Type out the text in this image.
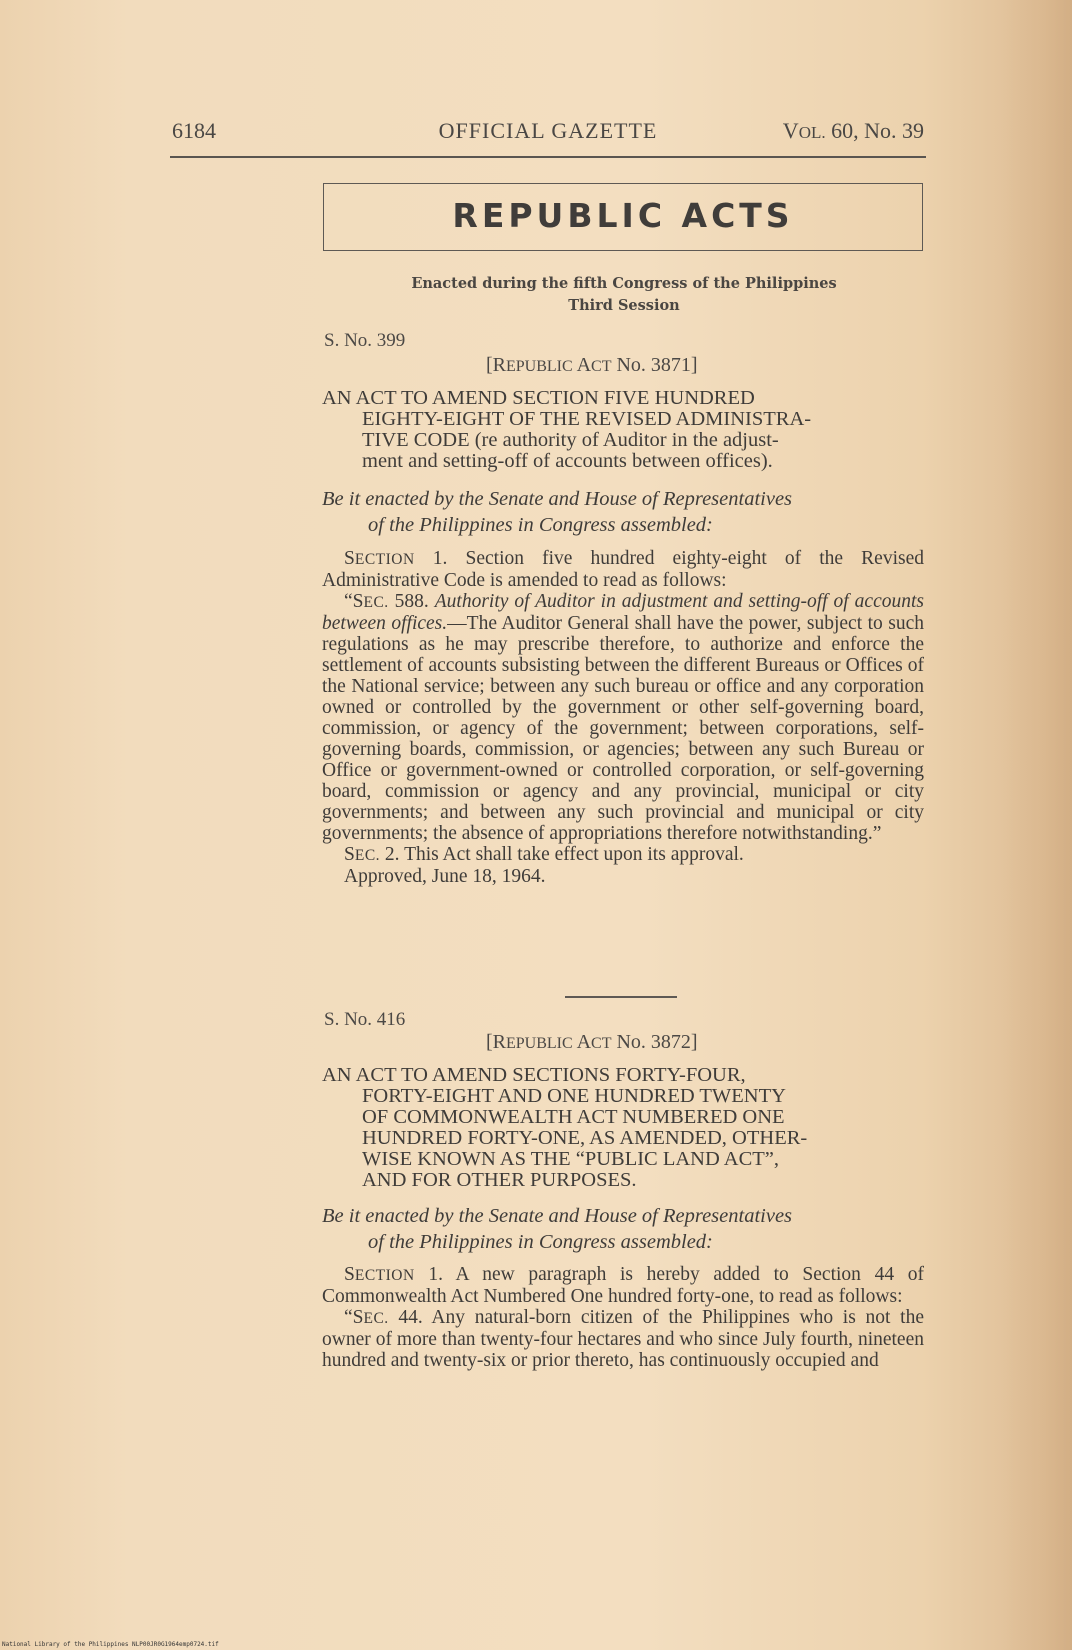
6184	OFFICIAL GAZETTE	VOL. 60, No. 39
REPUBLIC ACTS
Enacted during the fifth Congress of the Philippines
Third Session
S. No. 399
[REPUBLIC ACT No. 3871]
AN ACT TO AMEND SECTION FIVE HUNDRED
EIGHTY-EIGHT OF THE REVISED ADMINISTRA-
TIVE CODE (re authority of Auditor in the adjust-
ment and setting-off of accounts between offices).
Be it enacted by the Senate and House of Representatives
of the Philippines in Congress assembled:

SECTION 1. Section five hundred eighty-eight of the Revised Administrative Code is amended to read as follows:

“SEC. 588. Authority of Auditor in adjustment and setting-off of accounts between offices.—The Auditor General shall have the power, subject to such regulations as he may prescribe therefore, to authorize and enforce the settlement of accounts subsisting between the different Bureaus or Offices of the National service; between any such bureau or office and any corporation owned or controlled by the government or other self-governing board, commission, or agency of the government; between corporations, self-governing boards, commission, or agencies; between any such Bureau or Office or government-owned or controlled corporation, or self-governing board, commission or agency and any provincial, municipal or city governments; and between any such provincial and municipal or city governments; the absence of appropriations therefore notwithstanding.”

SEC. 2. This Act shall take effect upon its approval.

Approved, June 18, 1964.

S. No. 416
[REPUBLIC ACT No. 3872]
AN ACT TO AMEND SECTIONS FORTY-FOUR,
FORTY-EIGHT AND ONE HUNDRED TWENTY
OF COMMONWEALTH ACT NUMBERED ONE
HUNDRED FORTY-ONE, AS AMENDED, OTHER-
WISE KNOWN AS THE “PUBLIC LAND ACT”,
AND FOR OTHER PURPOSES.
Be it enacted by the Senate and House of Representatives
of the Philippines in Congress assembled:

SECTION 1. A new paragraph is hereby added to Section 44 of Commonwealth Act Numbered One hundred forty-one, to read as follows:

“SEC. 44. Any natural-born citizen of the Philippines who is not the owner of more than twenty-four hectares and who since July fourth, nineteen hundred and twenty-six or prior thereto, has continuously occupied and

National Library of the Philippines NLP00JR0G1964emp0724.tif
